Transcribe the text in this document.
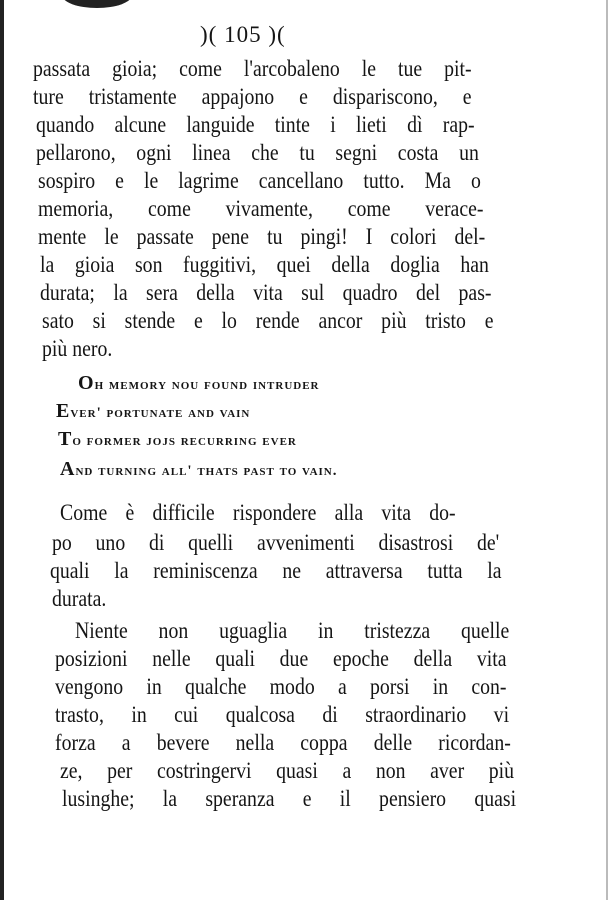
)( 105 )(
passata gioia; come l'arcobaleno le tue pit-
ture tristamente appajono e dispariscono, e
quando alcune languide tinte i lieti dì rap-
pellarono, ogni linea che tu segni costa un
sospiro e le lagrime cancellano tutto. Ma o
memoria, come vivamente, come verace-
mente le passate pene tu pingi! I colori del-
la gioia son fuggitivi, quei della doglia han
durata; la sera della vita sul quadro del pas-
sato si stende e lo rende ancor più tristo e
più nero.
Oh memory nou found intruder
Ever' portunate and vain
To former jojs recurring ever
And turning all' thats past to vain.
Come è difficile rispondere alla vita do-
po uno di quelli avvenimenti disastrosi de'
quali la reminiscenza ne attraversa tutta la
durata.
Niente non uguaglia in tristezza quelle
posizioni nelle quali due epoche della vita
vengono in qualche modo a porsi in con-
trasto, in cui qualcosa di straordinario vi
forza a bevere nella coppa delle ricordan-
ze, per costringervi quasi a non aver più
lusinghe; la speranza e il pensiero quasi
